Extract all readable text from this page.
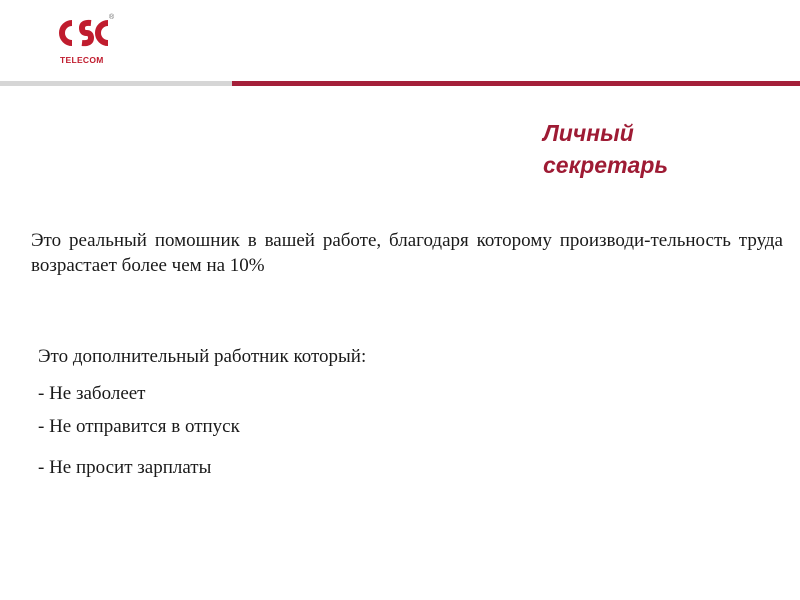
®
TELECOM
Личный
секретарь

Это реальный помошник в вашей работе, благодаря которому производи-тельность труда возрастает более чем на 10%

Это дополнительный работник который:
- Не заболеет
- Не отправится в отпуск
- Не просит зарплаты
